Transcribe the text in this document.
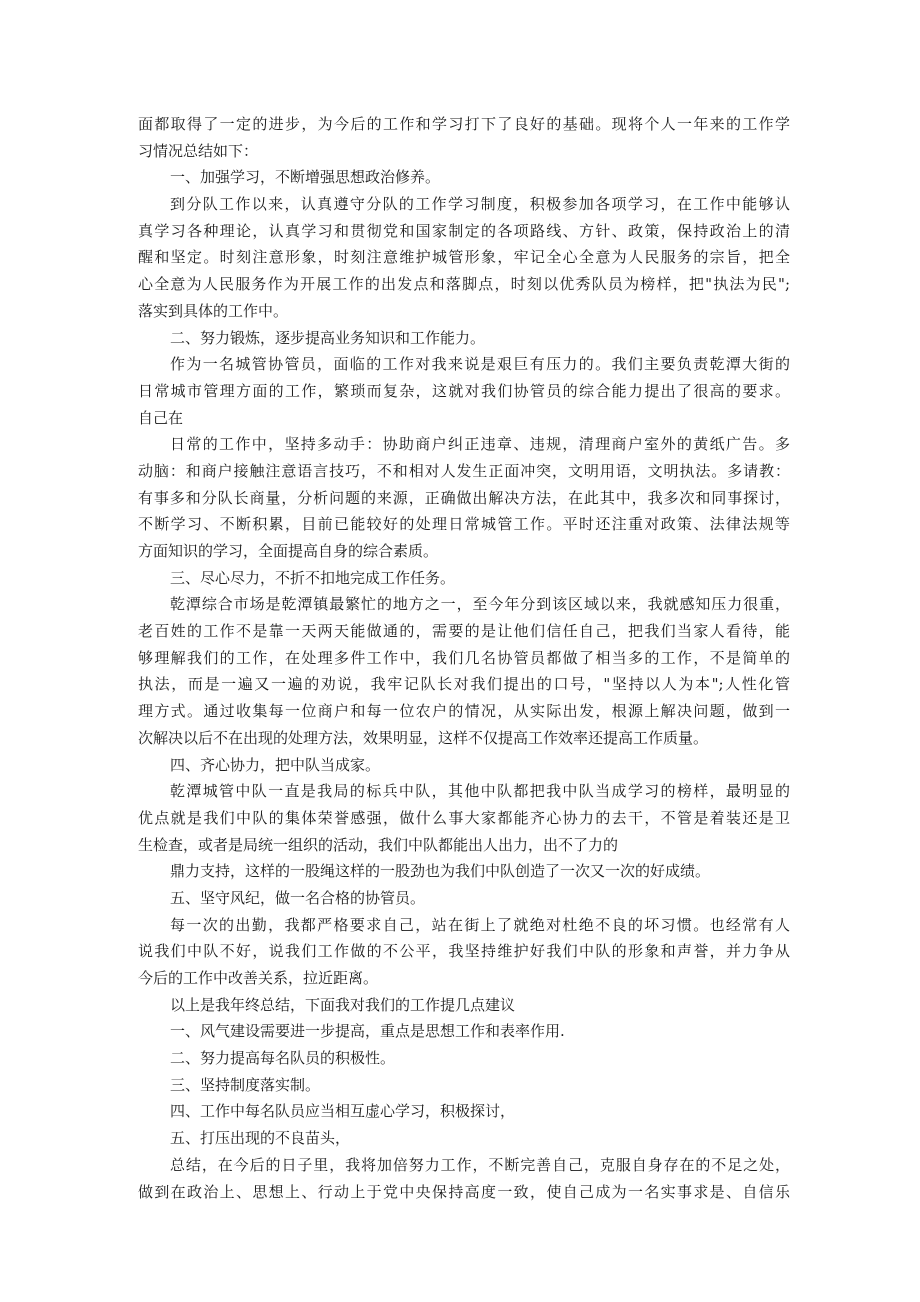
面都取得了一定的进步，为今后的工作和学习打下了良好的基础。现将个人一年来的工作学
习情况总结如下：
一、加强学习，不断增强思想政治修养。
到分队工作以来，认真遵守分队的工作学习制度，积极参加各项学习，在工作中能够认
真学习各种理论，认真学习和贯彻党和国家制定的各项路线、方针、政策，保持政治上的清
醒和坚定。时刻注意形象，时刻注意维护城管形象，牢记全心全意为人民服务的宗旨，把全
心全意为人民服务作为开展工作的出发点和落脚点，时刻以优秀队员为榜样，把"执法为民";
落实到具体的工作中。
二、努力锻炼，逐步提高业务知识和工作能力。
作为一名城管协管员，面临的工作对我来说是艰巨有压力的。我们主要负责乾潭大街的
日常城市管理方面的工作，繁琐而复杂，这就对我们协管员的综合能力提出了很高的要求。
自己在
日常的工作中，坚持多动手：协助商户纠正违章、违规，清理商户室外的黄纸广告。多
动脑：和商户接触注意语言技巧，不和相对人发生正面冲突，文明用语，文明执法。多请教：
有事多和分队长商量，分析问题的来源，正确做出解决方法，在此其中，我多次和同事探讨，
不断学习、不断积累，目前已能较好的处理日常城管工作。平时还注重对政策、法律法规等
方面知识的学习，全面提高自身的综合素质。
三、尽心尽力，不折不扣地完成工作任务。
乾潭综合市场是乾潭镇最繁忙的地方之一，至今年分到该区域以来，我就感知压力很重，
老百姓的工作不是靠一天两天能做通的，需要的是让他们信任自己，把我们当家人看待，能
够理解我们的工作，在处理多件工作中，我们几名协管员都做了相当多的工作，不是简单的
执法，而是一遍又一遍的劝说，我牢记队长对我们提出的口号，"坚持以人为本";人性化管
理方式。通过收集每一位商户和每一位农户的情况，从实际出发，根源上解决问题，做到一
次解决以后不在出现的处理方法，效果明显，这样不仅提高工作效率还提高工作质量。
四、齐心协力，把中队当成家。
乾潭城管中队一直是我局的标兵中队，其他中队都把我中队当成学习的榜样，最明显的
优点就是我们中队的集体荣誉感强，做什么事大家都能齐心协力的去干，不管是着装还是卫
生检查，或者是局统一组织的活动，我们中队都能出人出力，出不了力的
鼎力支持，这样的一股绳这样的一股劲也为我们中队创造了一次又一次的好成绩。
五、坚守风纪，做一名合格的协管员。
每一次的出勤，我都严格要求自己，站在街上了就绝对杜绝不良的坏习惯。也经常有人
说我们中队不好，说我们工作做的不公平，我坚持维护好我们中队的形象和声誉，并力争从
今后的工作中改善关系，拉近距离。
以上是我年终总结，下面我对我们的工作提几点建议
一、风气建设需要进一步提高，重点是思想工作和表率作用.
二、努力提高每名队员的积极性。
三、坚持制度落实制。
四、工作中每名队员应当相互虚心学习，积极探讨，
五、打压出现的不良苗头，
总结，在今后的日子里，我将加倍努力工作，不断完善自己，克服自身存在的不足之处，
做到在政治上、思想上、行动上于党中央保持高度一致，使自己成为一名实事求是、自信乐
